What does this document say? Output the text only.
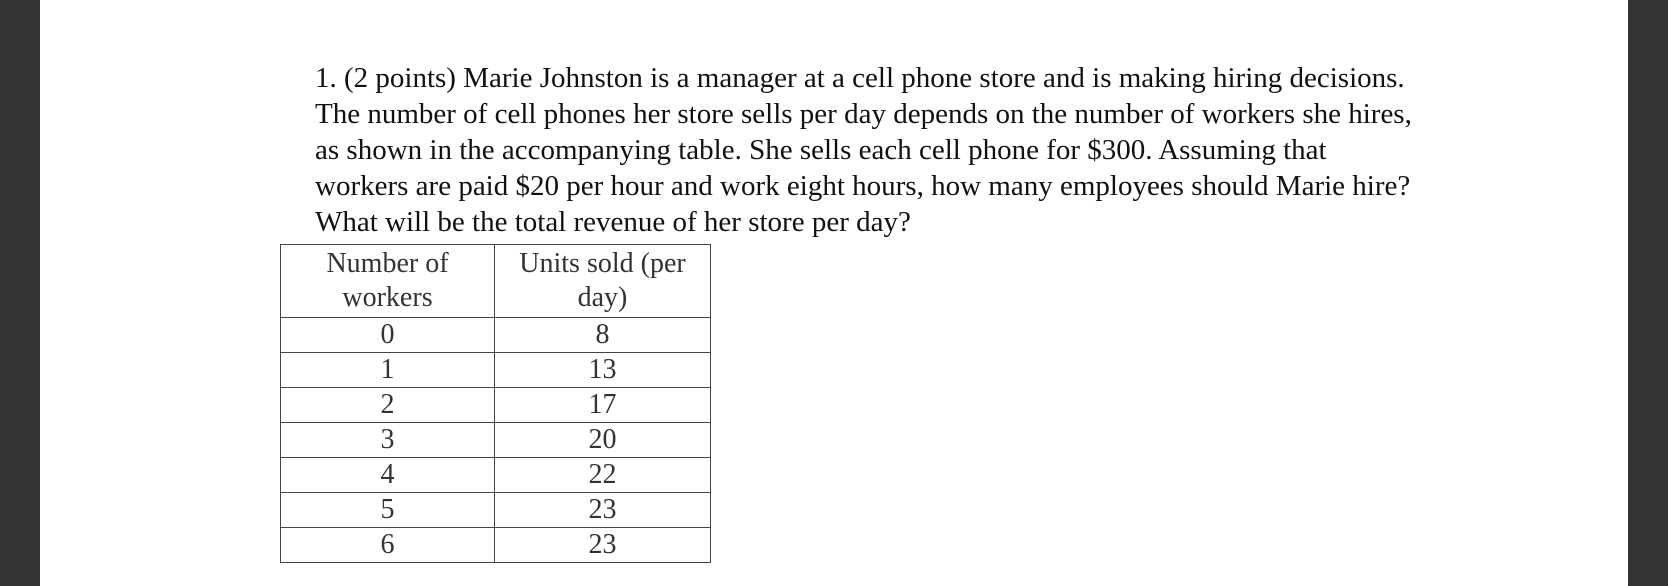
1. (2 points) Marie Johnston is a manager at a cell phone store and is making hiring decisions. The number of cell phones her store sells per day depends on the number of workers she hires, as shown in the accompanying table. She sells each cell phone for $300. Assuming that workers are paid $20 per hour and work eight hours, how many employees should Marie hire? What will be the total revenue of her store per day?

Number of workers	Units sold (per day)
0	8
1	13
2	17
3	20
4	22
5	23
6	23
